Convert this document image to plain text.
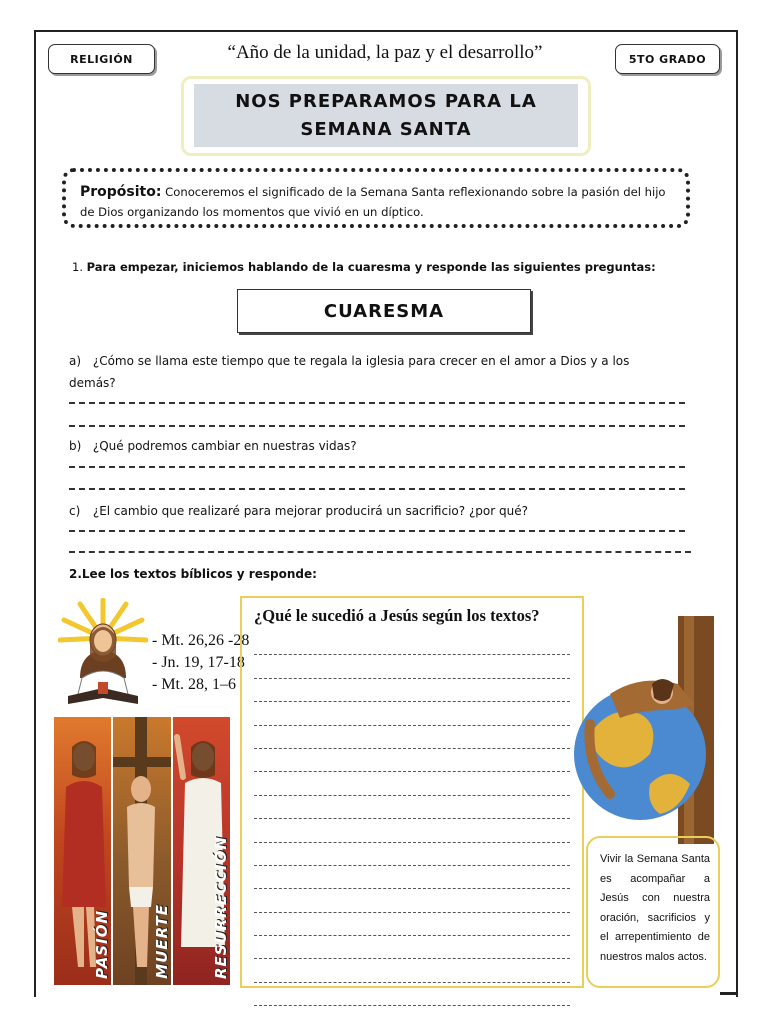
RELIGIÓN	“Año de la unidad, la paz y el desarrollo”	5TO GRADO
NOS PREPARAMOS PARA LA
SEMANA SANTA
Propósito: Conoceremos el significado de la Semana Santa reflexionando sobre la pasión del hijo de Dios organizando los momentos que vivió en un díptico.
1. Para empezar, iniciemos hablando de la cuaresma y responde las siguientes preguntas:
CUARESMA
a) ¿Cómo se llama este tiempo que te regala la iglesia para crecer en el amor a Dios y a los demás?
b) ¿Qué podremos cambiar en nuestras vidas?
c) ¿El cambio que realizaré para mejorar producirá un sacrificio? ¿por qué?
2.Lee los textos bíblicos y responde:
- Mt. 26,26 -28
- Jn. 19, 17-18
- Mt. 28, 1–6
PASIÓN	MUERTE	RESURRECCIÓN
¿Qué le sucedió a Jesús según los textos?
Vivir la Semana Santa es acompañar a Jesús con nuestra oración, sacrificios y el arrepentimiento de nuestros malos actos.
